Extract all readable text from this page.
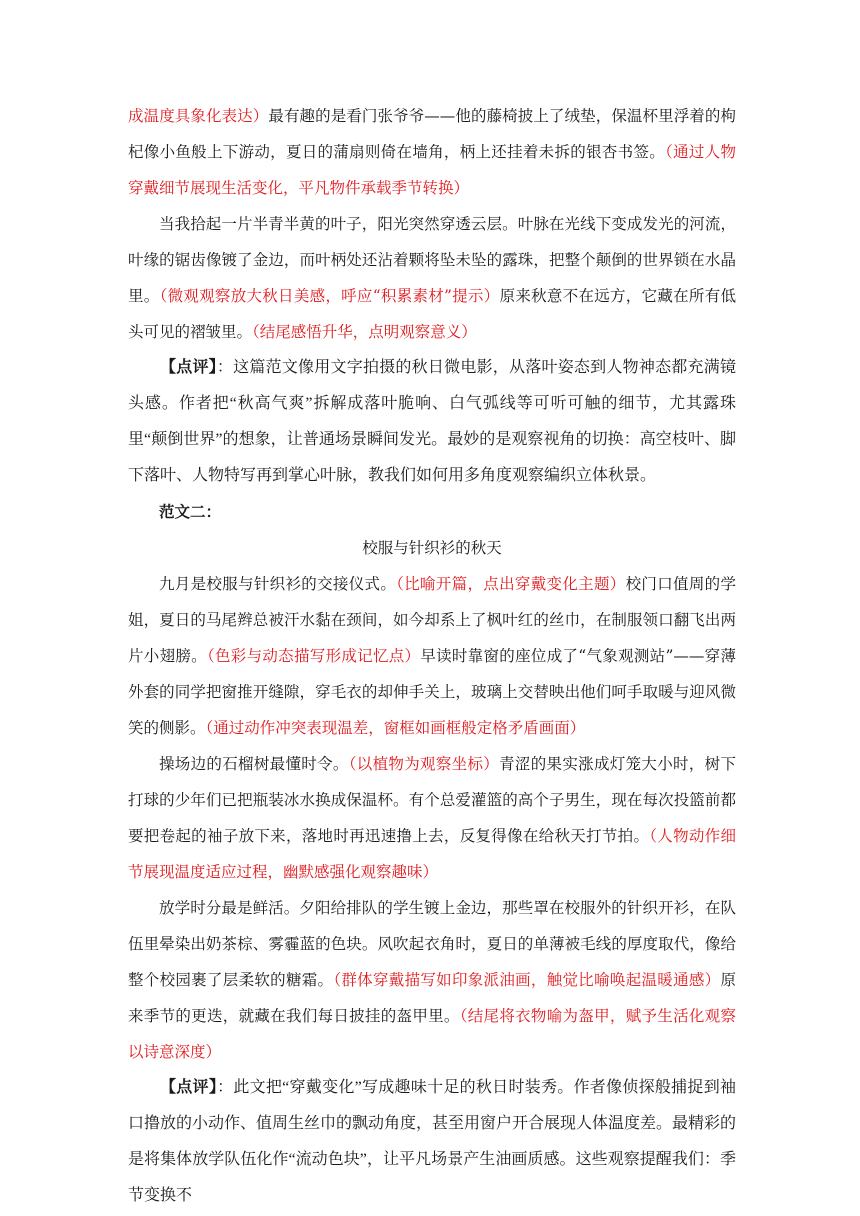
成温度具象化表达）最有趣的是看门张爷爷——他的藤椅披上了绒垫，保温杯里浮着的枸杞像小鱼般上下游动，夏日的蒲扇则倚在墙角，柄上还挂着未拆的银杏书签。（通过人物穿戴细节展现生活变化，平凡物件承载季节转换）

当我拾起一片半青半黄的叶子，阳光突然穿透云层。叶脉在光线下变成发光的河流，叶缘的锯齿像镀了金边，而叶柄处还沾着颗将坠未坠的露珠，把整个颠倒的世界锁在水晶里。（微观观察放大秋日美感，呼应“积累素材”提示）原来秋意不在远方，它藏在所有低头可见的褶皱里。（结尾感悟升华，点明观察意义）

【点评】：这篇范文像用文字拍摄的秋日微电影，从落叶姿态到人物神态都充满镜头感。作者把“秋高气爽”拆解成落叶脆响、白气弧线等可听可触的细节，尤其露珠里“颠倒世界”的想象，让普通场景瞬间发光。最妙的是观察视角的切换：高空枝叶、脚下落叶、人物特写再到掌心叶脉，教我们如何用多角度观察编织立体秋景。

范文二：

校服与针织衫的秋天

九月是校服与针织衫的交接仪式。（比喻开篇，点出穿戴变化主题）校门口值周的学姐，夏日的马尾辫总被汗水黏在颈间，如今却系上了枫叶红的丝巾，在制服领口翻飞出两片小翅膀。（色彩与动态描写形成记忆点）早读时靠窗的座位成了“气象观测站”——穿薄外套的同学把窗推开缝隙，穿毛衣的却伸手关上，玻璃上交替映出他们呵手取暖与迎风微笑的侧影。（通过动作冲突表现温差，窗框如画框般定格矛盾画面）

操场边的石榴树最懂时令。（以植物为观察坐标）青涩的果实涨成灯笼大小时，树下打球的少年们已把瓶装冰水换成保温杯。有个总爱灌篮的高个子男生，现在每次投篮前都要把卷起的袖子放下来，落地时再迅速撸上去，反复得像在给秋天打节拍。（人物动作细节展现温度适应过程，幽默感强化观察趣味）

放学时分最是鲜活。夕阳给排队的学生镀上金边，那些罩在校服外的针织开衫，在队伍里晕染出奶茶棕、雾霾蓝的色块。风吹起衣角时，夏日的单薄被毛线的厚度取代，像给整个校园裹了层柔软的糖霜。（群体穿戴描写如印象派油画，触觉比喻唤起温暖通感）原来季节的更迭，就藏在我们每日披挂的盔甲里。（结尾将衣物喻为盔甲，赋予生活化观察以诗意深度）

【点评】：此文把“穿戴变化”写成趣味十足的秋日时装秀。作者像侦探般捕捉到袖口撸放的小动作、值周生丝巾的飘动角度，甚至用窗户开合展现人体温度差。最精彩的是将集体放学队伍化作“流动色块”，让平凡场景产生油画质感。这些观察提醒我们：季节变换不
